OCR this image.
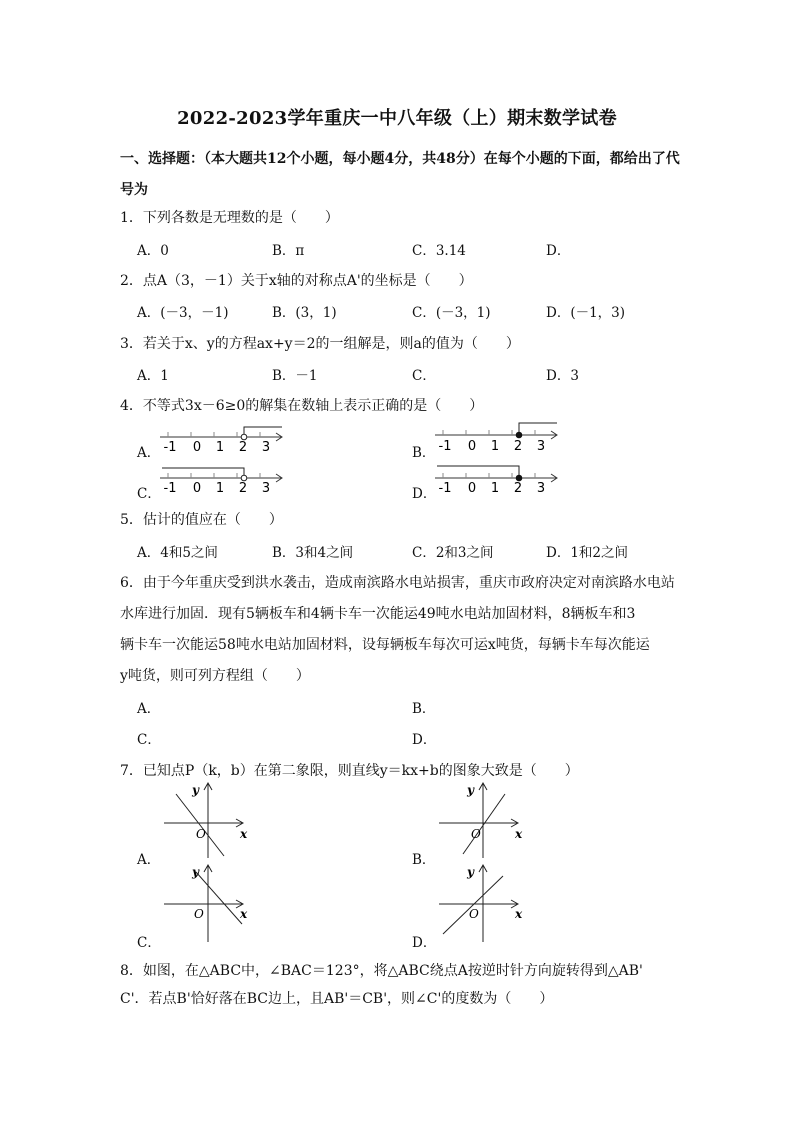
2022-2023学年重庆一中八年级（上）期末数学试卷
一、选择题：（本大题共12个小题，每小题4分，共48分）在每个小题的下面，都给出了代号为
1．下列各数是无理数的是（　　）
A．0	B．π	C．3.14	D．
2．点A（3，－1）关于x轴的对称点A'的坐标是（　　）
A．(－3，－1)	B．(3，1)	C．(－3，1)	D．(－1，3)
3．若关于x、y的方程ax+y＝2的一组解是，则a的值为（　　）
A．1	B．－1	C．	D．3
4．不等式3x－6≥0的解集在数轴上表示正确的是（　　）
A．	B．
C．	D．
-1 0 1 2 3	-1 0 1 2 3
-1 0 1 2 3	-1 0 1 2 3
5．估计的值应在（　　）
A．4和5之间	B．3和4之间	C．2和3之间	D．1和2之间
6．由于今年重庆受到洪水袭击，造成南滨路水电站损害，重庆市政府决定对南滨路水电站
水库进行加固．现有5辆板车和4辆卡车一次能运49吨水电站加固材料，8辆板车和3
辆卡车一次能运58吨水电站加固材料，设每辆板车每次可运x吨货，每辆卡车每次能运
y吨货，则可列方程组（　　）
A．	B．
C．	D．
7．已知点P（k，b）在第二象限，则直线y＝kx+b的图象大致是（　　）
A．	B．
C．	D．
y
x
O
y
x
O
y
x
O
y
x
O
8．如图，在△ABC中，∠BAC＝123°，将△ABC绕点A按逆时针方向旋转得到△AB'
C'．若点B'恰好落在BC边上，且AB'＝CB'，则∠C'的度数为（　　）
